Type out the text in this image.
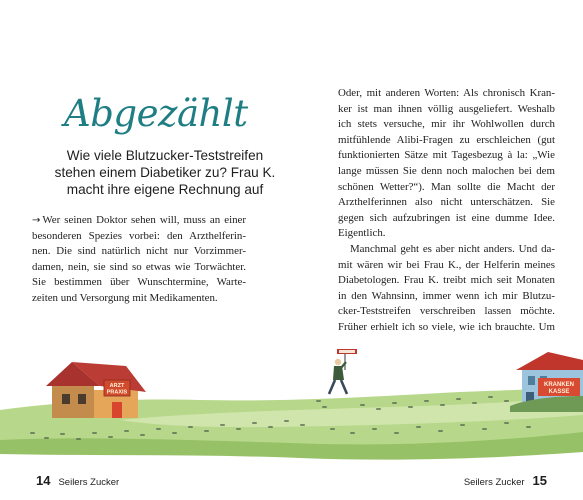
Abgezählt
Wie viele Blutzucker-Teststreifen
stehen einem Diabetiker zu? Frau K.
macht ihre eigene Rechnung auf
→ Wer seinen Doktor sehen will, muss an einer
besonderen Spezies vorbei: den Arzthelferin-
nen. Die sind natürlich nicht nur Vorzimmer-
damen, nein, sie sind so etwas wie Torwächter.
Sie bestimmen über Wunschtermine, Warte-
zeiten und Versorgung mit Medikamenten.
Oder, mit anderen Worten: Als chronisch Kran-
ker ist man ihnen völlig ausgeliefert. Weshalb
ich stets versuche, mir ihr Wohlwollen durch
mitfühlende Alibi-Fragen zu erschleichen (gut
funktionierten Sätze mit Tagesbezug à la: „Wie
lange müssen Sie denn noch malochen bei dem
schönen Wetter?“). Man sollte die Macht der
Arzthelferinnen also nicht unterschätzen. Sie
gegen sich aufzubringen ist eine dumme Idee.
Eigentlich.
Manchmal geht es aber nicht anders. Und da-
mit wären wir bei Frau K., der Helferin meines
Diabetologen. Frau K. treibt mich seit Monaten
in den Wahnsinn, immer wenn ich mir Blutzu-
cker-Teststreifen verschreiben lassen möchte.
Früher erhielt ich so viele, wie ich brauchte. Um
ARZT
PRAXIS
KRANKEN
KASSE
14 Seilers Zucker	Seilers Zucker 15
